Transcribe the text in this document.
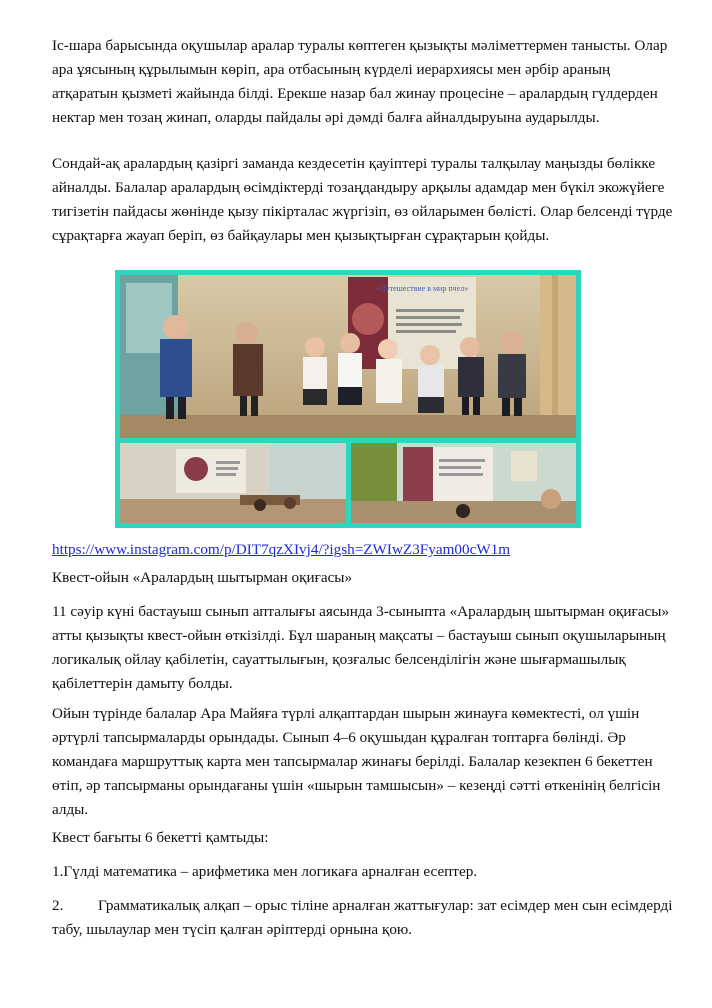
Іс-шара барысында оқушылар аралар туралы көптеген қызықты мәліметтермен танысты. Олар ара ұясының құрылымын көріп, ара отбасының күрделі иерархиясы мен әрбір араның атқаратын қызметі жайында білді. Ерекше назар бал жинау процесіне – аралардың гүлдерден нектар мен тозаң жинап, оларды пайдалы әрі дәмді балға айналдыруына аударылды.

Сондай-ақ аралардың қазіргі заманда кездесетін қауіптері туралы талқылау маңызды бөлікке айналды. Балалар аралардың өсімдіктерді тозаңдандыру арқылы адамдар мен бүкіл экожүйеге тигізетін пайдасы жөнінде қызу пікірталас жүргізіп, өз ойларымен бөлісті. Олар белсенді түрде сұрақтарға жауап беріп, өз байқаулары мен қызықтырған сұрақтарын қойды.

«Путешествие в мир пчел»
https://www.instagram.com/p/DIT7qzXIvj4/?igsh=ZWIwZ3Fyam00cW1m

Квест-ойын «Аралардың шытырман оқиғасы»

11 сәуір күні бастауыш сынып апталығы аясында 3-сыныпта «Аралардың шытырман оқиғасы» атты қызықты квест-ойын өткізілді. Бұл шараның мақсаты – бастауыш сынып оқушыларының логикалық ойлау қабілетін, сауаттылығын, қозғалыс белсенділігін және шығармашылық қабілеттерін дамыту болды.

Ойын түрінде балалар Ара Майяға түрлі алқаптардан шырын жинауға көмектесті, ол үшін әртүрлі тапсырмаларды орындады. Сынып 4–6 оқушыдан құралған топтарға бөлінді. Әр командаға маршруттық карта мен тапсырмалар жинағы берілді. Балалар кезекпен 6 бекеттен өтіп, әр тапсырманы орындағаны үшін «шырын тамшысын» – кезеңді сәтті өткенінің белгісін алды.

Квест бағыты 6 бекетті қамтыды:

1.Гүлді математика – арифметика мен логикаға арналған есептер.

2. Грамматикалық алқап – орыс тіліне арналған жаттығулар: зат есімдер мен сын есімдерді табу, шылаулар мен түсіп қалған әріптерді орнына қою.
